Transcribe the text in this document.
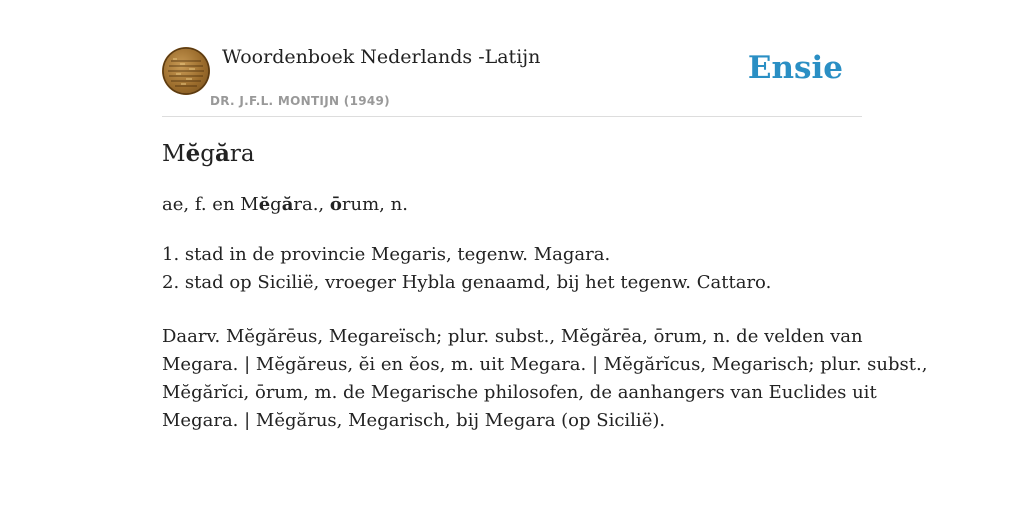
Woordenboek Nederlands -Latijn
DR. J.F.L. MONTIJN (1949)
Ensie
Mĕgăra
ae, f. en Mĕgăra., ōrum, n.
1. stad in de provincie Megaris, tegenw. Magara.
2. stad op Sicilië, vroeger Hybla genaamd, bij het tegenw. Cattaro.
Daarv. Mĕgărēus, Megareïsch; plur. subst., Mĕgărēa, ōrum, n. de velden van
Megara. | Mĕgăreus, ĕi en ĕos, m. uit Megara. | Mĕgărĭcus, Megarisch; plur. subst.,
Mĕgărĭci, ōrum, m. de Megarische philosofen, de aanhangers van Euclides uit
Megara. | Mĕgărus, Megarisch, bij Megara (op Sicilië).
